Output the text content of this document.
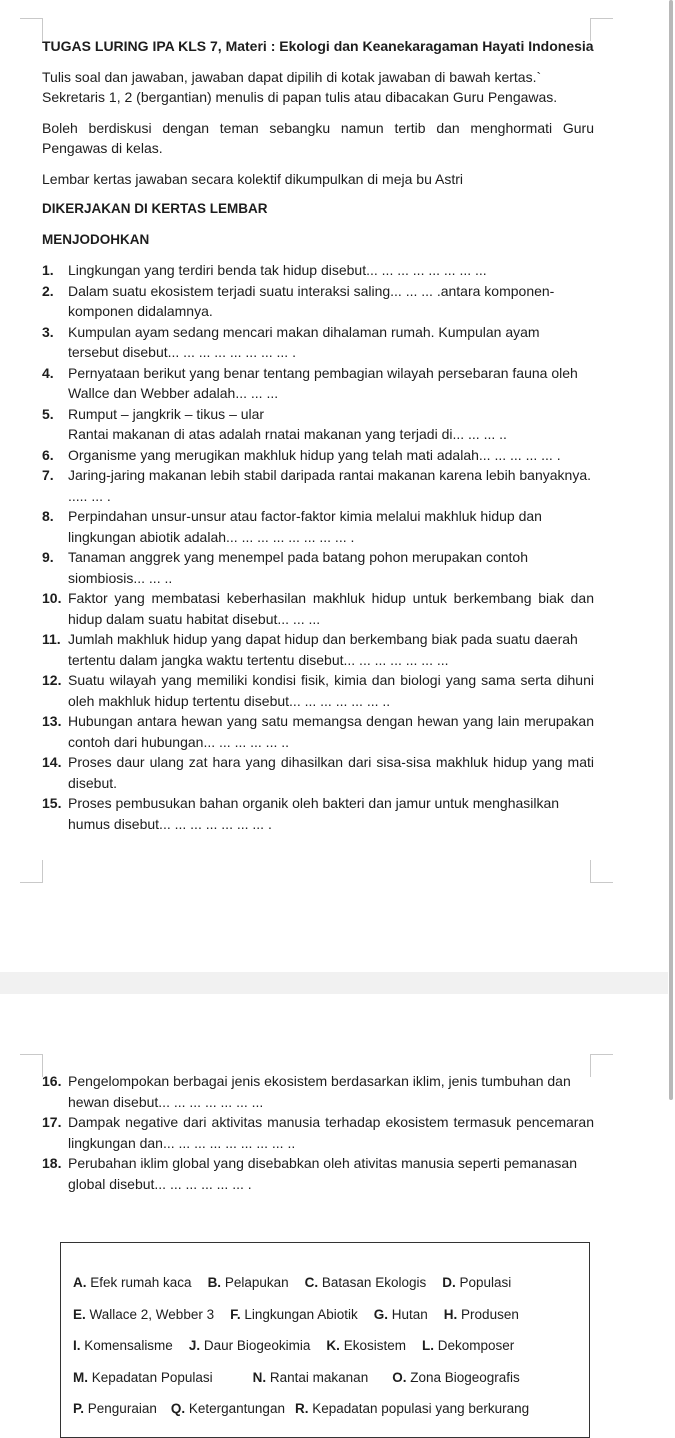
TUGAS LURING IPA KLS 7, Materi : Ekologi dan Keanekaragaman Hayati Indonesia
Tulis soal dan jawaban, jawaban dapat dipilih di kotak jawaban di bawah kertas.`
Sekretaris 1, 2 (bergantian) menulis di papan tulis atau dibacakan Guru Pengawas.
Boleh berdiskusi dengan teman sebangku namun tertib dan menghormati Guru Pengawas di kelas.
Lembar kertas jawaban secara kolektif dikumpulkan di meja bu Astri
DIKERJAKAN DI KERTAS LEMBAR
MENJODOHKAN
1. Lingkungan yang terdiri benda tak hidup disebut... ... ... ... ... ... ... ...
2. Dalam suatu ekosistem terjadi suatu interaksi saling... ... ... .antara komponen-komponen didalamnya.
3. Kumpulan ayam sedang mencari makan dihalaman rumah. Kumpulan ayam tersebut disebut... ... ... ... ... ... ... ... .
4. Pernyataan berikut yang benar tentang pembagian wilayah persebaran fauna oleh Wallce dan Webber adalah... ... ...
5. Rumput – jangkrik – tikus – ular
Rantai makanan di atas adalah rnatai makanan yang terjadi di... ... ... ..
6. Organisme yang merugikan makhluk hidup yang telah mati adalah... ... ... ... ... .
7. Jaring-jaring makanan lebih stabil daripada rantai makanan karena lebih banyaknya. ..... ... .
8. Perpindahan unsur-unsur atau factor-faktor kimia melalui makhluk hidup dan lingkungan abiotik adalah... ... ... ... ... ... ... ... .
9. Tanaman anggrek yang menempel pada batang pohon merupakan contoh siombiosis... ... ..
10. Faktor yang membatasi keberhasilan makhluk hidup untuk berkembang biak dan hidup dalam suatu habitat disebut... ... ...
11. Jumlah makhluk hidup yang dapat hidup dan berkembang biak pada suatu daerah tertentu dalam jangka waktu tertentu disebut... ... ... ... ... ... ...
12. Suatu wilayah yang memiliki kondisi fisik, kimia dan biologi yang sama serta dihuni oleh makhluk hidup tertentu disebut... ... ... ... ... ... ..
13. Hubungan antara hewan yang satu memangsa dengan hewan yang lain merupakan contoh dari hubungan... ... ... ... ... ..
14. Proses daur ulang zat hara yang dihasilkan dari sisa-sisa makhluk hidup yang mati disebut.
15. Proses pembusukan bahan organik oleh bakteri dan jamur untuk menghasilkan humus disebut... ... ... ... ... ... ... .
16. Pengelompokan berbagai jenis ekosistem berdasarkan iklim, jenis tumbuhan dan hewan disebut... ... ... ... ... ... ...
17. Dampak negative dari aktivitas manusia terhadap ekosistem termasuk pencemaran lingkungan dan... ... ... ... ... ... ... ... ..
18. Perubahan iklim global yang disebabkan oleh ativitas manusia seperti pemanasan global disebut... ... ... ... ... ... .
A. Efek rumah kaca B. Pelapukan C. Batasan Ekologis D. Populasi
E. Wallace 2, Webber 3 F. Lingkungan Abiotik G. Hutan H. Produsen
I. Komensalisme J. Daur Biogeokimia K. Ekosistem L. Dekomposer
M. Kepadatan Populasi	N. Rantai makanan O. Zona Biogeografis
P. Penguraian Q. Ketergantungan R. Kepadatan populasi yang berkurang
